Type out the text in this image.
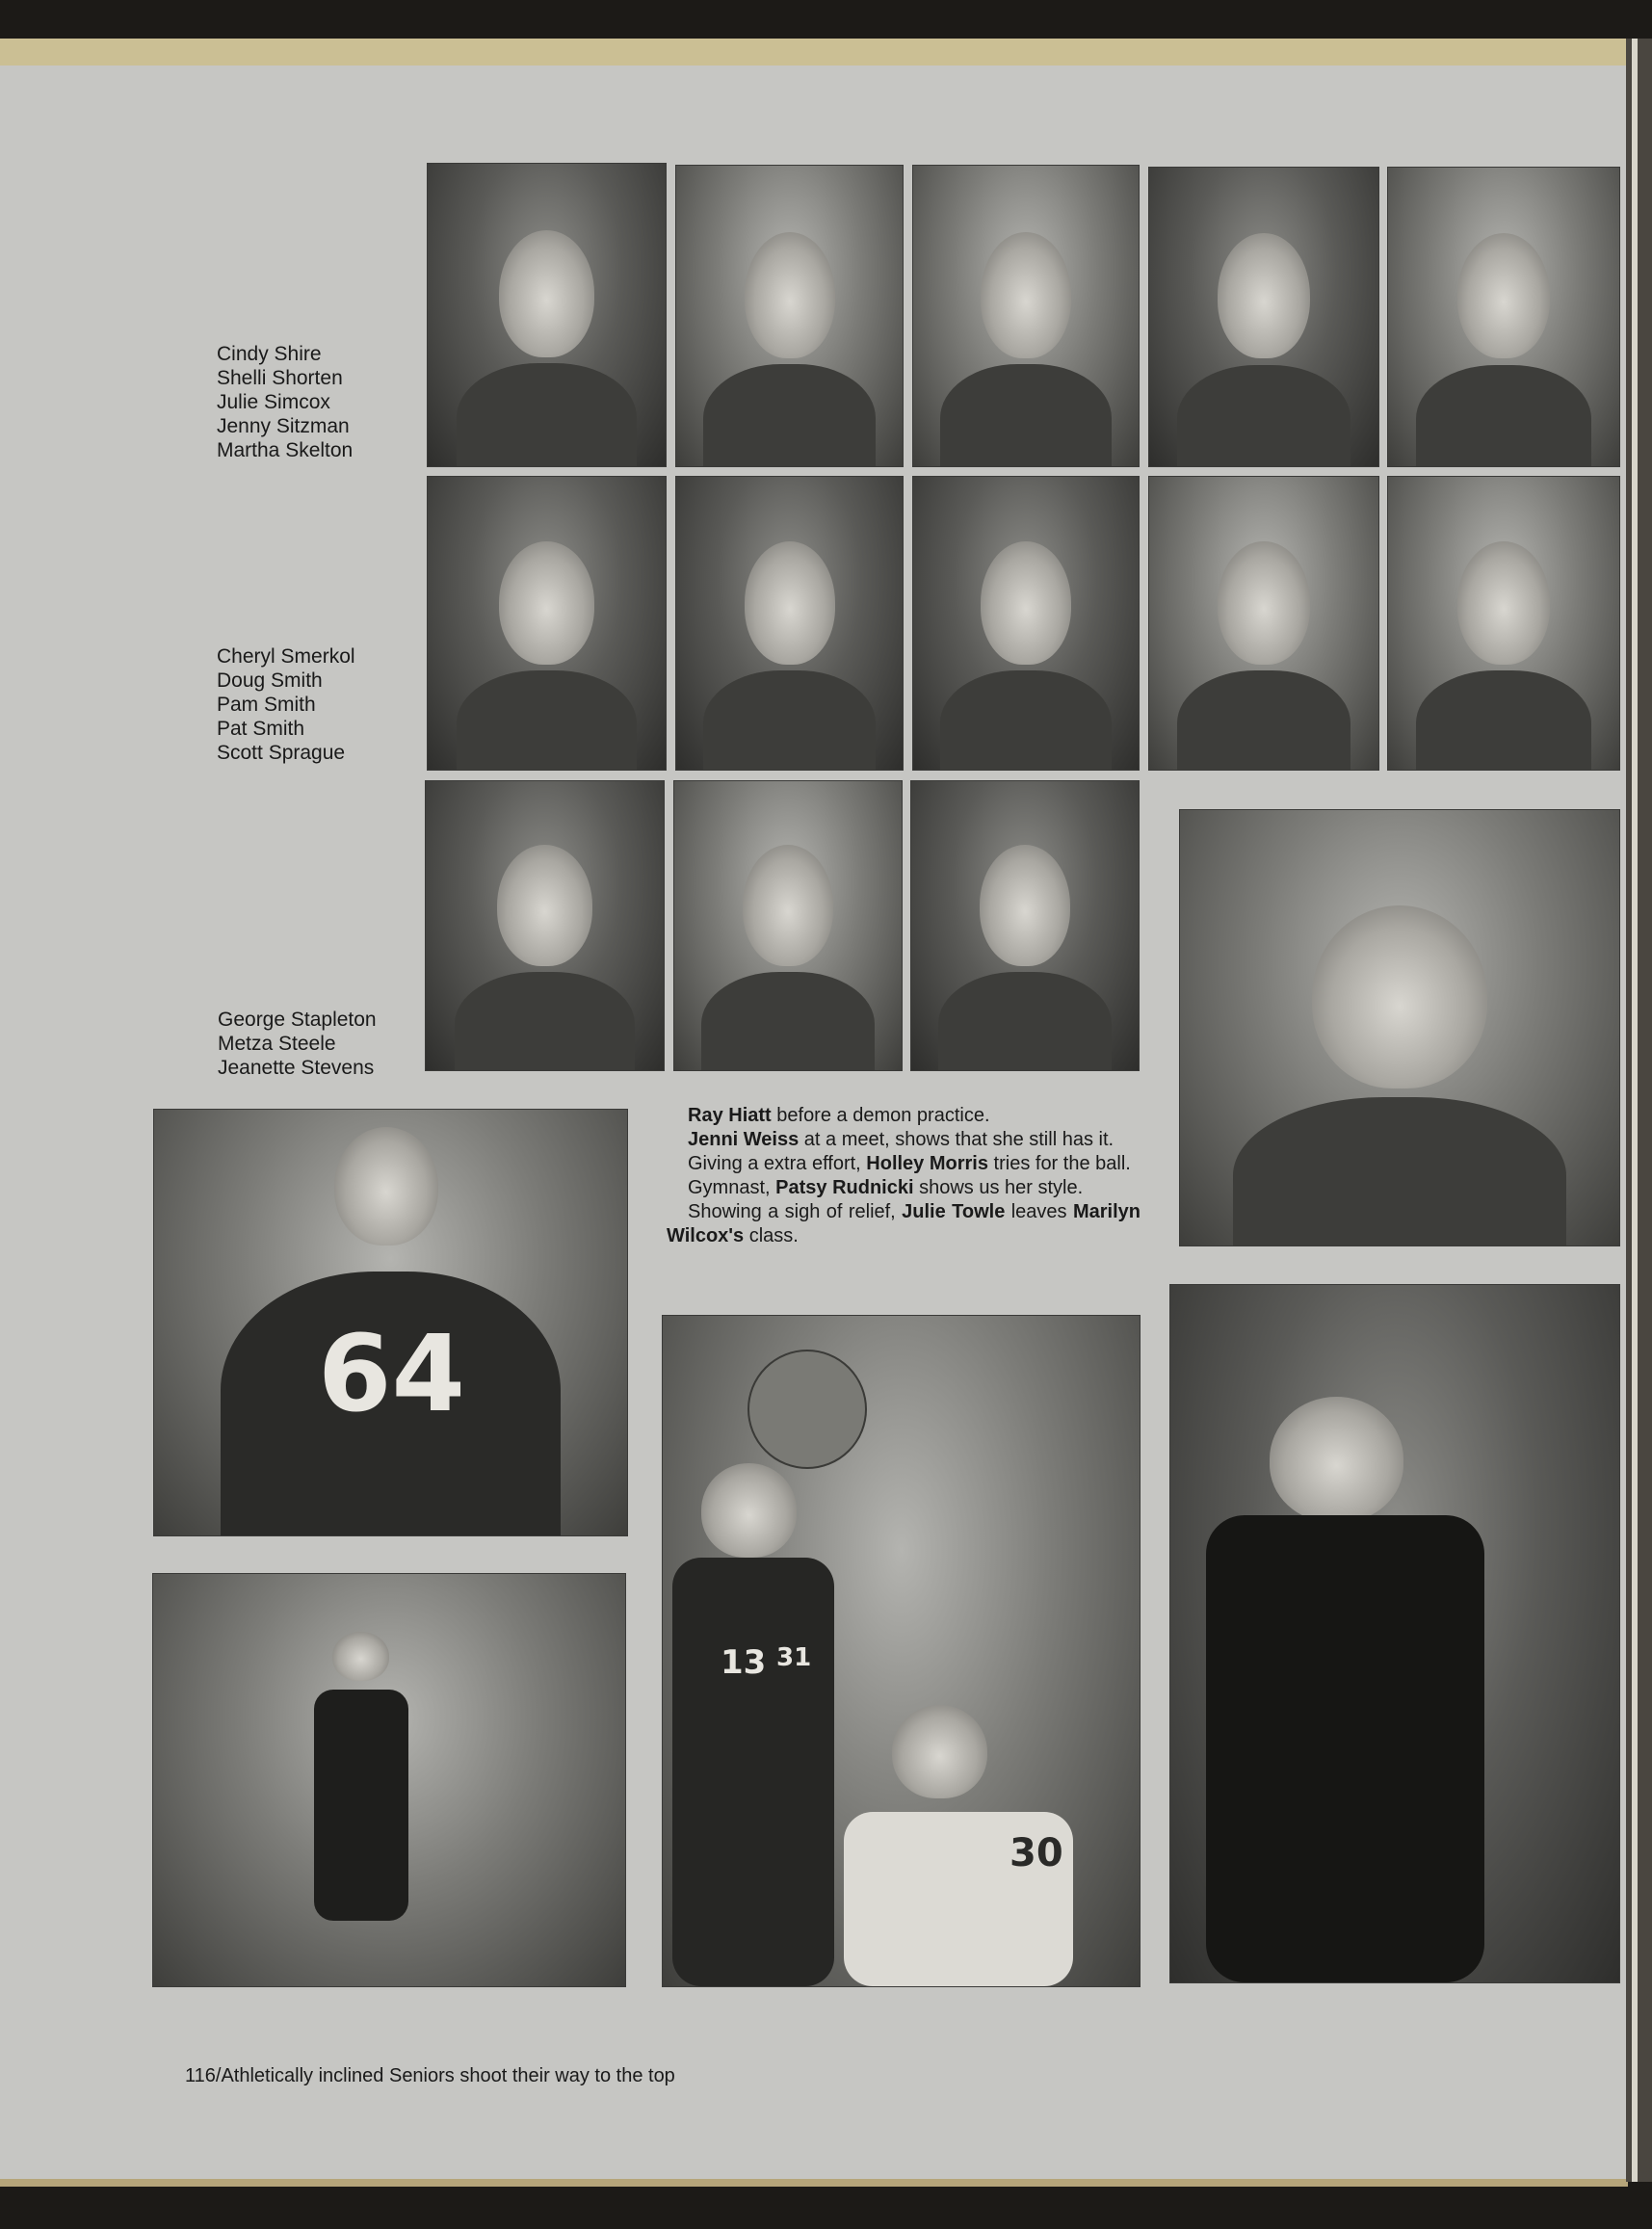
Cindy Shire
Shelli Shorten
Julie Simcox
Jenny Sitzman
Martha Skelton
Cheryl Smerkol
Doug Smith
Pam Smith
Pat Smith
Scott Sprague
George Stapleton
Metza Steele
Jeanette Stevens
64

Ray Hiatt before a demon practice.

Jenni Weiss at a meet, shows that she still has it.

Giving a extra effort, Holley Morris tries for the ball.

Gymnast, Patsy Rudnicki shows us her style.

Showing a sigh of relief, Julie Towle leaves Marilyn Wilcox's class.

13 31
30
116/Athletically inclined Seniors shoot their way to the top
